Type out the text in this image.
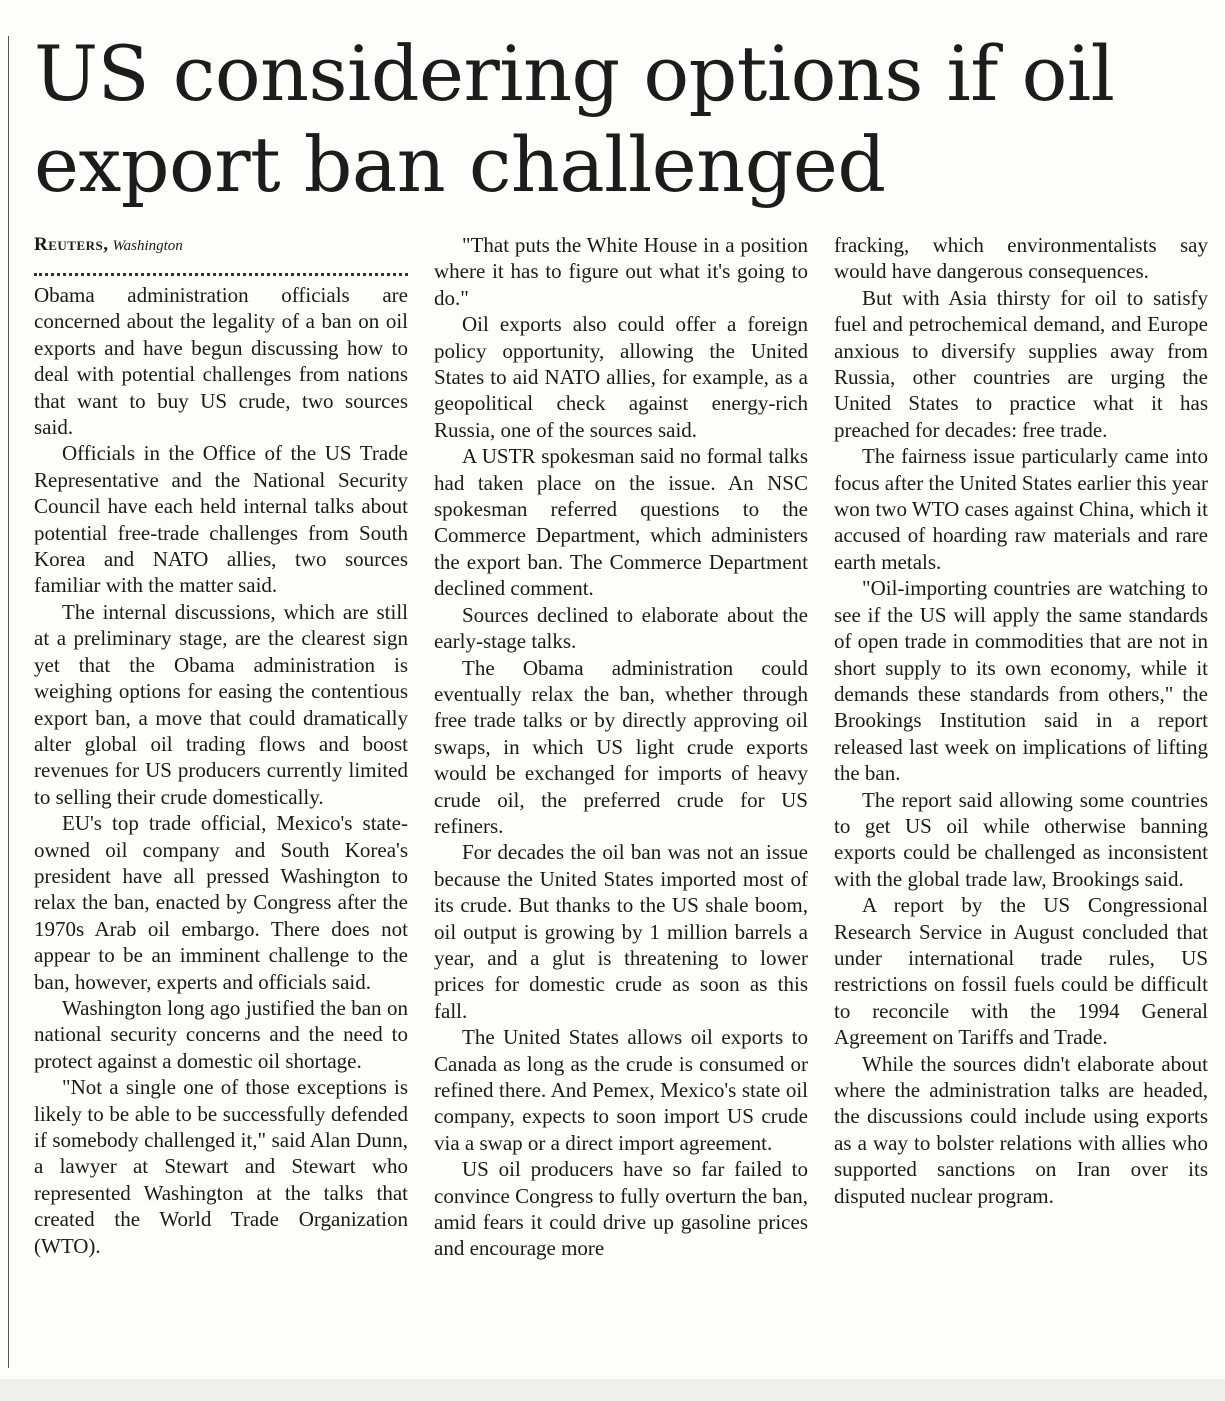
US considering options if oil export ban challenged
Reuters, Washington

Obama administration officials are concerned about the legality of a ban on oil exports and have begun discussing how to deal with potential challenges from nations that want to buy US crude, two sources said.

Officials in the Office of the US Trade Representative and the National Security Council have each held internal talks about potential free-trade challenges from South Korea and NATO allies, two sources familiar with the matter said.

The internal discussions, which are still at a preliminary stage, are the clearest sign yet that the Obama administration is weighing options for easing the contentious export ban, a move that could dramatically alter global oil trading flows and boost revenues for US producers currently limited to selling their crude domestically.

EU's top trade official, Mexico's state-owned oil company and South Korea's president have all pressed Washington to relax the ban, enacted by Congress after the 1970s Arab oil embargo. There does not appear to be an imminent challenge to the ban, however, experts and officials said.

Washington long ago justified the ban on national security concerns and the need to protect against a domestic oil shortage.

"Not a single one of those exceptions is likely to be able to be successfully defended if somebody challenged it," said Alan Dunn, a lawyer at Stewart and Stewart who represented Washington at the talks that created the World Trade Organization (WTO).

"That puts the White House in a position where it has to figure out what it's going to do."

Oil exports also could offer a foreign policy opportunity, allowing the United States to aid NATO allies, for example, as a geopolitical check against energy-rich Russia, one of the sources said.

A USTR spokesman said no formal talks had taken place on the issue. An NSC spokesman referred questions to the Commerce Department, which administers the export ban. The Commerce Department declined comment.

Sources declined to elaborate about the early-stage talks.

The Obama administration could eventually relax the ban, whether through free trade talks or by directly approving oil swaps, in which US light crude exports would be exchanged for imports of heavy crude oil, the preferred crude for US refiners.

For decades the oil ban was not an issue because the United States imported most of its crude. But thanks to the US shale boom, oil output is growing by 1 million barrels a year, and a glut is threatening to lower prices for domestic crude as soon as this fall.

The United States allows oil exports to Canada as long as the crude is consumed or refined there. And Pemex, Mexico's state oil company, expects to soon import US crude via a swap or a direct import agreement.

US oil producers have so far failed to convince Congress to fully overturn the ban, amid fears it could drive up gasoline prices and encourage more

fracking, which environmentalists say would have dangerous consequences.

But with Asia thirsty for oil to satisfy fuel and petrochemical demand, and Europe anxious to diversify supplies away from Russia, other countries are urging the United States to practice what it has preached for decades: free trade.

The fairness issue particularly came into focus after the United States earlier this year won two WTO cases against China, which it accused of hoarding raw materials and rare earth metals.

"Oil-importing countries are watching to see if the US will apply the same standards of open trade in commodities that are not in short supply to its own economy, while it demands these standards from others," the Brookings Institution said in a report released last week on implications of lifting the ban.

The report said allowing some countries to get US oil while otherwise banning exports could be challenged as inconsistent with the global trade law, Brookings said.

A report by the US Congressional Research Service in August concluded that under international trade rules, US restrictions on fossil fuels could be difficult to reconcile with the 1994 General Agreement on Tariffs and Trade.

While the sources didn't elaborate about where the administration talks are headed, the discussions could include using exports as a way to bolster relations with allies who supported sanctions on Iran over its disputed nuclear program.
